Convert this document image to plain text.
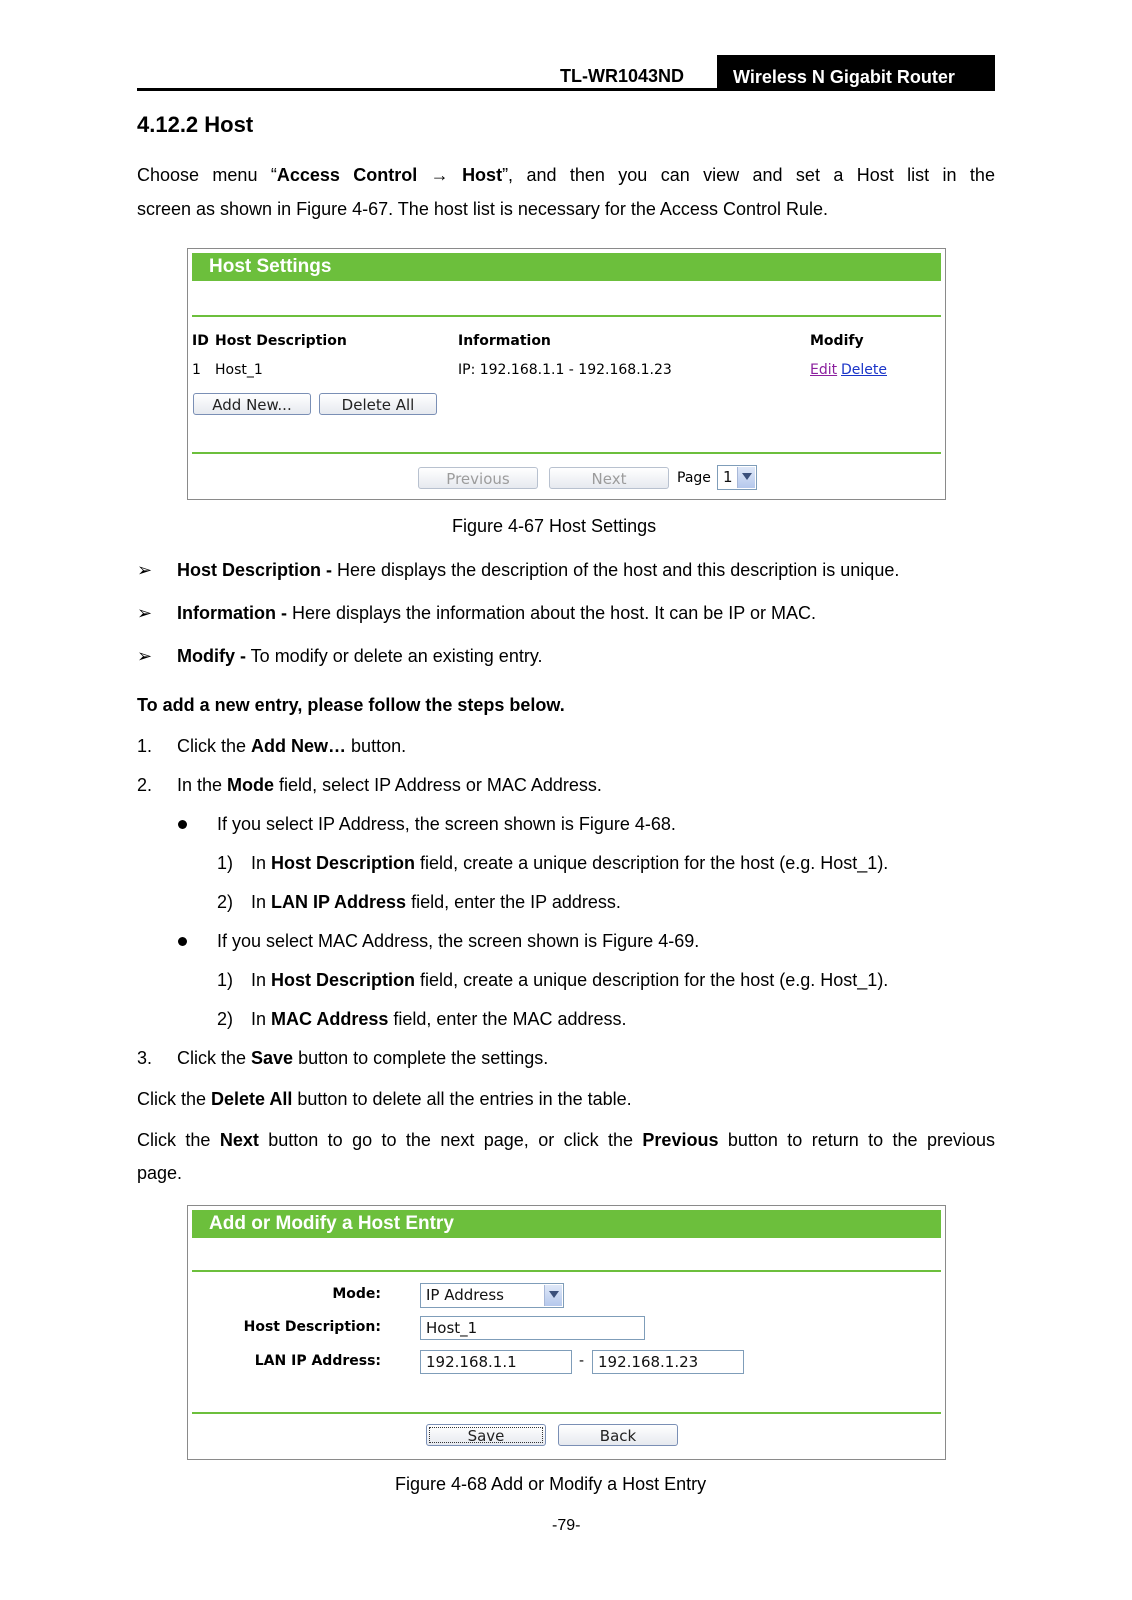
TL-WR1043ND	Wireless N Gigabit Router
4.12.2 Host
Choose menu “Access Control → Host”, and then you can view and set a Host list in the
screen as shown in Figure 4-67. The host list is necessary for the Access Control Rule.
Host Settings
ID Host Description	Information	Modify
1 Host_1	IP: 192.168.1.1 - 192.168.1.23	Edit Delete
Add New...	Delete All
Previous	Next	Page 1
Figure 4-67 Host Settings
➢ Host Description - Here displays the description of the host and this description is unique.
➢ Information - Here displays the information about the host. It can be IP or MAC.
➢ Modify - To modify or delete an existing entry.
To add a new entry, please follow the steps below.
1. Click the Add New… button.
2. In the Mode field, select IP Address or MAC Address.
If you select IP Address, the screen shown is Figure 4-68.
1) In Host Description field, create a unique description for the host (e.g. Host_1).
2) In LAN IP Address field, enter the IP address.
If you select MAC Address, the screen shown is Figure 4-69.
1) In Host Description field, create a unique description for the host (e.g. Host_1).
2) In MAC Address field, enter the MAC address.
3. Click the Save button to complete the settings.
Click the Delete All button to delete all the entries in the table.
Click the Next button to go to the next page, or click the Previous button to return to the previous
page.
Add or Modify a Host Entry
Mode:	IP Address
Host Description:	Host_1
LAN IP Address:	192.168.1.1	- 192.168.1.23
Save	Back
Figure 4-68 Add or Modify a Host Entry
-79-
